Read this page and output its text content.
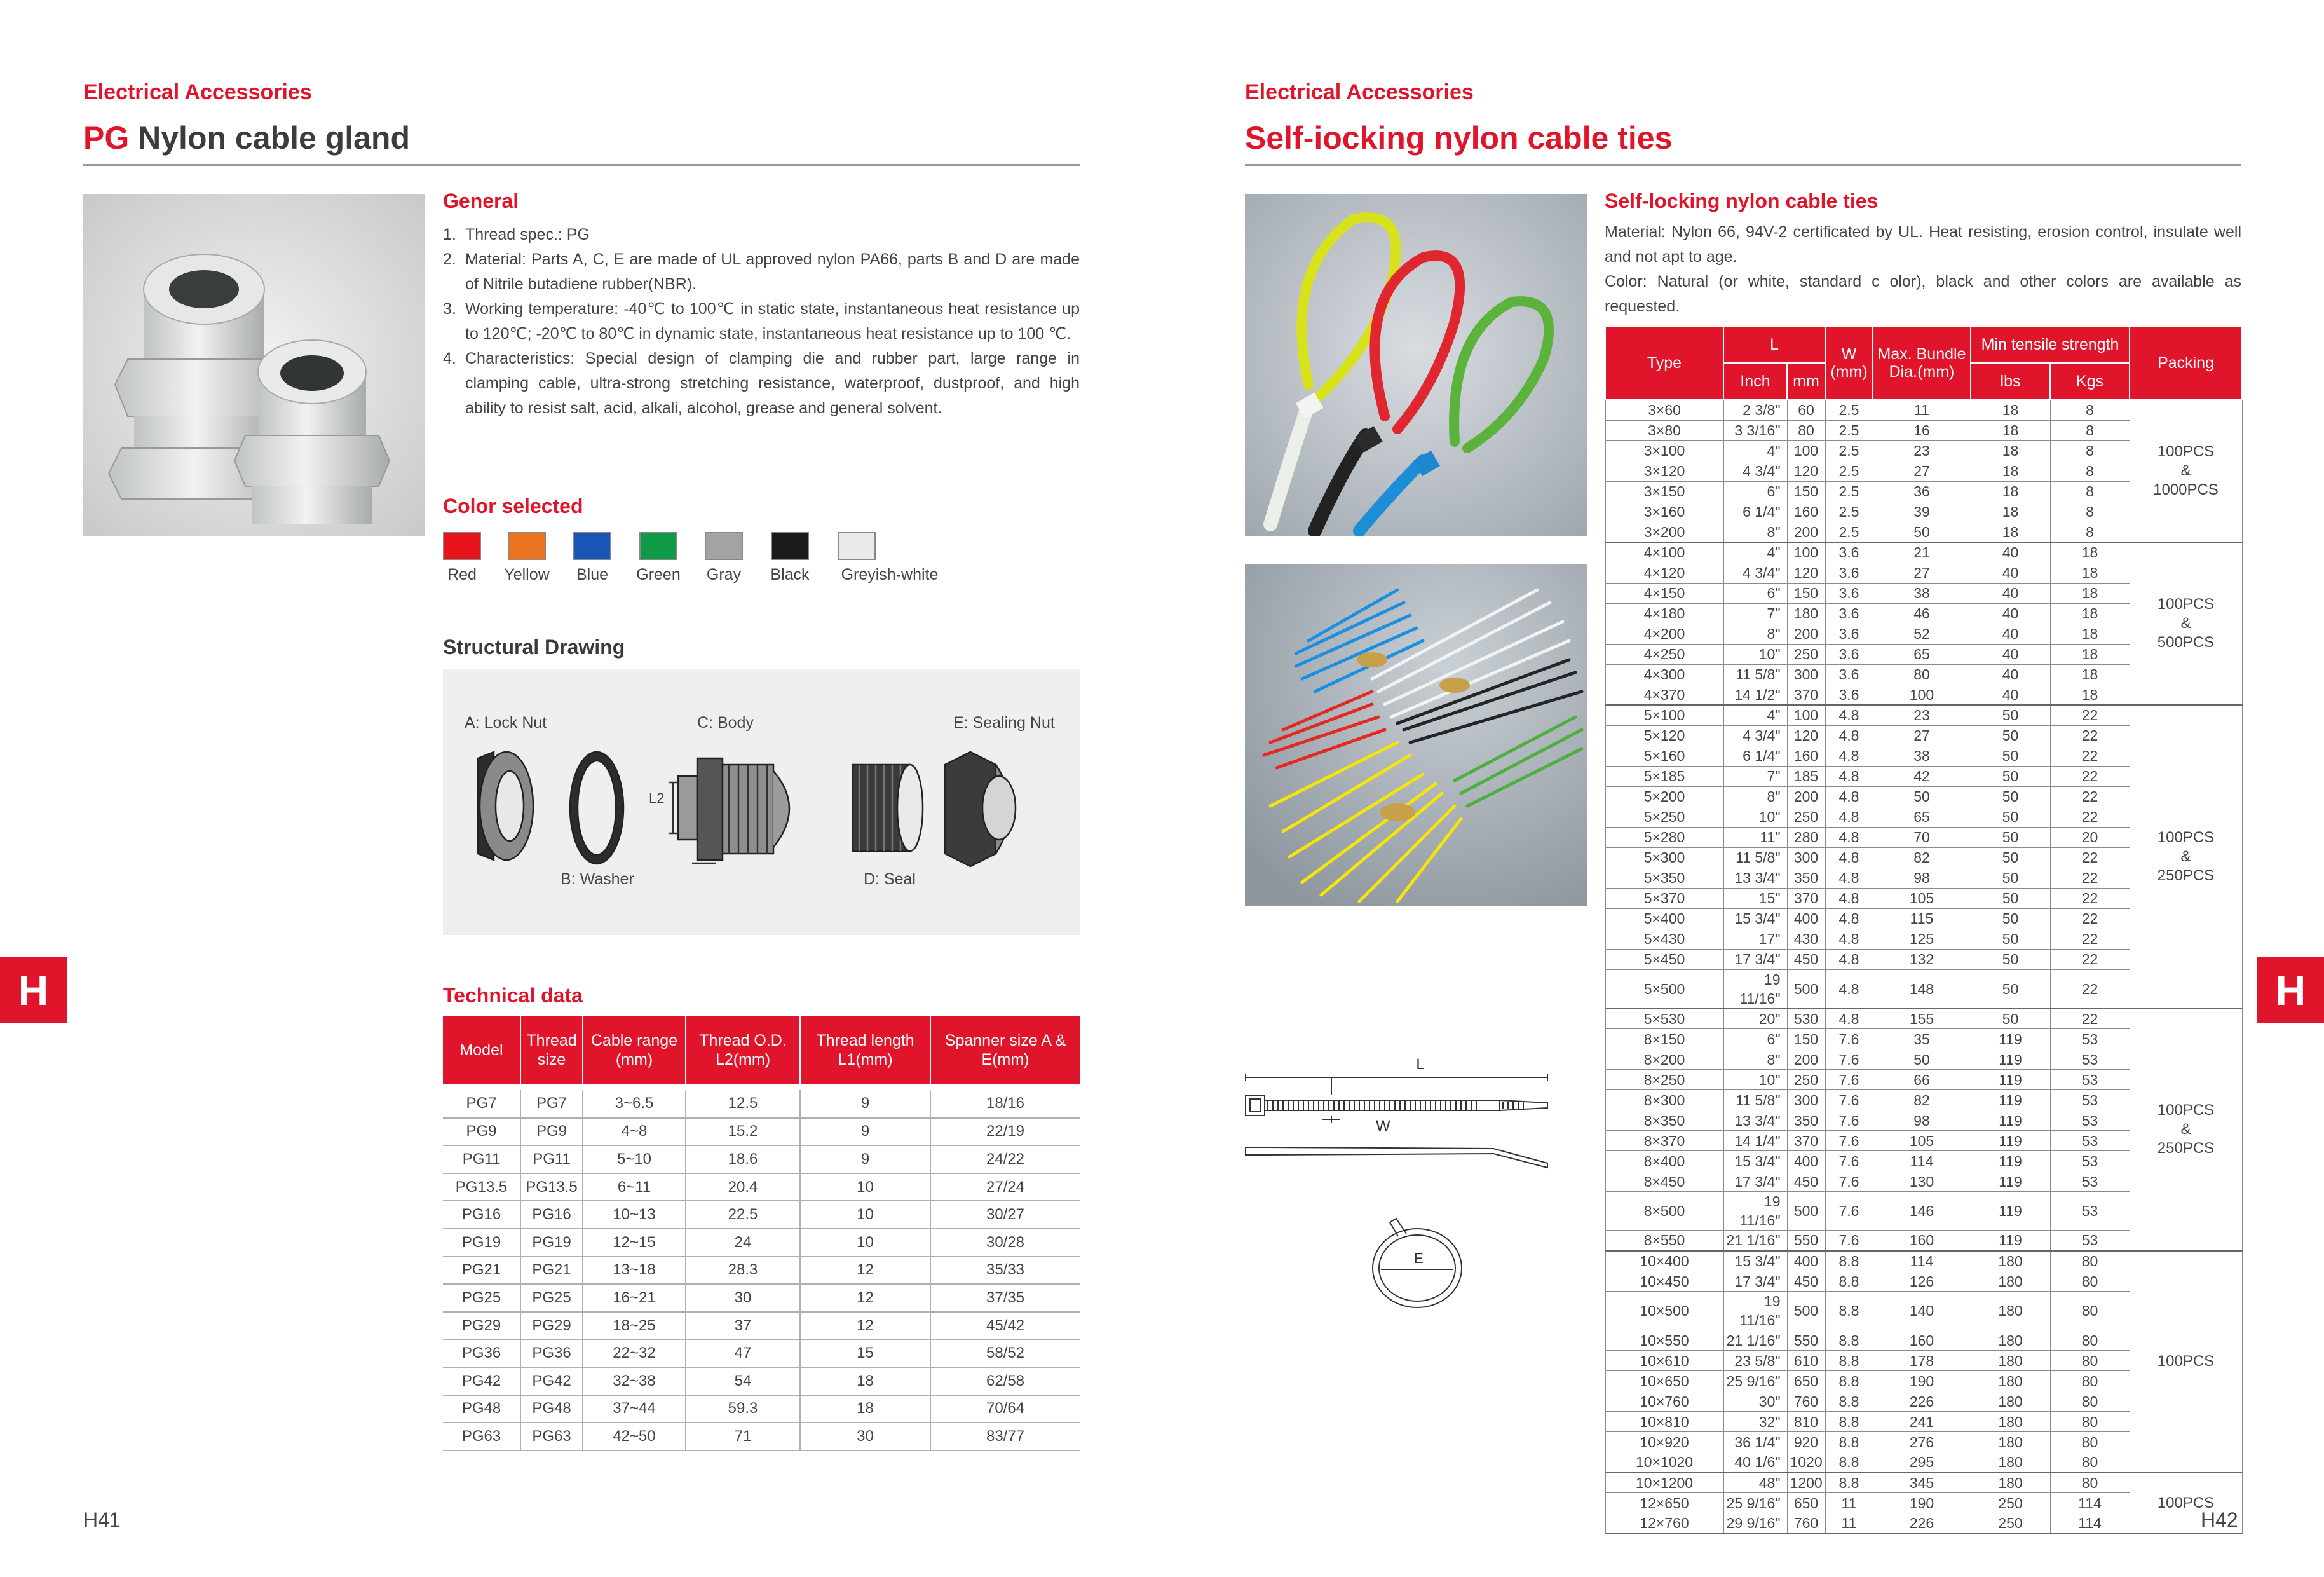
Electrical Accessories
PG Nylon cable gland
General
1. Thread spec.: PG
2. Material: Parts A, C, E are made of UL approved nylon PA66, parts B and D are made of Nitrile butadiene rubber(NBR).
3. Working temperature: -40℃ to 100℃ in static state, instantaneous heat resistance up to 120℃; -20℃ to 80℃ in dynamic state, instantaneous heat resistance up to 100 ℃.
4. Characteristics: Special design of clamping die and rubber part, large range in clamping cable, ultra-strong stretching resistance, waterproof, dustproof, and high ability to resist salt, acid, alkali, alcohol, grease and general solvent.
Color selected
Red	Yellow	Blue	Green	Gray	Black	Greyish-white
Structural Drawing
A: Lock Nut	C: Body	E: Sealing Nut
B: Washer	D: Seal
L2
Technical data
Model	Thread size	Cable range (mm)	Thread O.D. L2(mm)	Thread length L1(mm)	Spanner size A & E(mm)

PG7	PG7	3~6.5	12.5	9	18/16
PG9	PG9	4~8	15.2	9	22/19
PG11	PG11	5~10	18.6	9	24/22
PG13.5	PG13.5	6~11	20.4	10	27/24
PG16	PG16	10~13	22.5	10	30/27
PG19	PG19	12~15	24	10	30/28
PG21	PG21	13~18	28.3	12	35/33
PG25	PG25	16~21	30	12	37/35
PG29	PG29	18~25	37	12	45/42
PG36	PG36	22~32	47	15	58/52
PG42	PG42	32~38	54	18	62/58
PG48	PG48	37~44	59.3	18	70/64
PG63	PG63	42~50	71	30	83/77
H
H41
Electrical Accessories
Self-iocking nylon cable ties
L
W
E
Self-locking nylon cable ties
Material: Nylon 66, 94V-2 certificated by UL. Heat resisting, erosion control, insulate well and not apt to age.
Color: Natural (or white, standard c olor), black and other colors are available as requested.
Type	L		W (mm)	Max. Bundle Dia.(mm)	Min tensile strength		Packing
	Inch	mm			lbs	Kgs	
3×60	2 3/8"	60	2.5	11	18	8	100PCS
&
1000PCS
3×80	3 3/16"	80	2.5	16	18	8	
3×100	4"	100	2.5	23	18	8	
3×120	4 3/4"	120	2.5	27	18	8	
3×150	6"	150	2.5	36	18	8	
3×160	6 1/4"	160	2.5	39	18	8	
3×200	8"	200	2.5	50	18	8	
4×100	4"	100	3.6	21	40	18	100PCS
&
500PCS
4×120	4 3/4"	120	3.6	27	40	18	
4×150	6"	150	3.6	38	40	18	
4×180	7"	180	3.6	46	40	18	
4×200	8"	200	3.6	52	40	18	
4×250	10"	250	3.6	65	40	18	
4×300	11 5/8"	300	3.6	80	40	18	
4×370	14 1/2"	370	3.6	100	40	18	
5×100	4"	100	4.8	23	50	22	100PCS
&
250PCS
5×120	4 3/4"	120	4.8	27	50	22	
5×160	6 1/4"	160	4.8	38	50	22	
5×185	7"	185	4.8	42	50	22	
5×200	8"	200	4.8	50	50	22	
5×250	10"	250	4.8	65	50	22	
5×280	11"	280	4.8	70	50	20	
5×300	11 5/8"	300	4.8	82	50	22	
5×350	13 3/4"	350	4.8	98	50	22	
5×370	15"	370	4.8	105	50	22	
5×400	15 3/4"	400	4.8	115	50	22	
5×430	17"	430	4.8	125	50	22	
5×450	17 3/4"	450	4.8	132	50	22	
5×500	19 11/16"	500	4.8	148	50	22	
5×530	20"	530	4.8	155	50	22	100PCS
&
250PCS
8×150	6"	150	7.6	35	119	53	
8×200	8"	200	7.6	50	119	53	
8×250	10"	250	7.6	66	119	53	
8×300	11 5/8"	300	7.6	82	119	53	
8×350	13 3/4"	350	7.6	98	119	53	
8×370	14 1/4"	370	7.6	105	119	53	
8×400	15 3/4"	400	7.6	114	119	53	
8×450	17 3/4"	450	7.6	130	119	53	
8×500	19 11/16"	500	7.6	146	119	53	
8×550	21 1/16"	550	7.6	160	119	53	
10×400	15 3/4"	400	8.8	114	180	80	100PCS
10×450	17 3/4"	450	8.8	126	180	80	
10×500	19 11/16"	500	8.8	140	180	80	
10×550	21 1/16"	550	8.8	160	180	80	
10×610	23 5/8"	610	8.8	178	180	80	
10×650	25 9/16"	650	8.8	190	180	80	
10×760	30"	760	8.8	226	180	80	
10×810	32"	810	8.8	241	180	80	
10×920	36 1/4"	920	8.8	276	180	80	
10×1020	40 1/6"	1020	8.8	295	180	80	
10×1200	48"	1200	8.8	345	180	80	100PCS
12×650	25 9/16"	650	11	190	250	114	
12×760	29 9/16"	760	11	226	250	114	
H
H42
